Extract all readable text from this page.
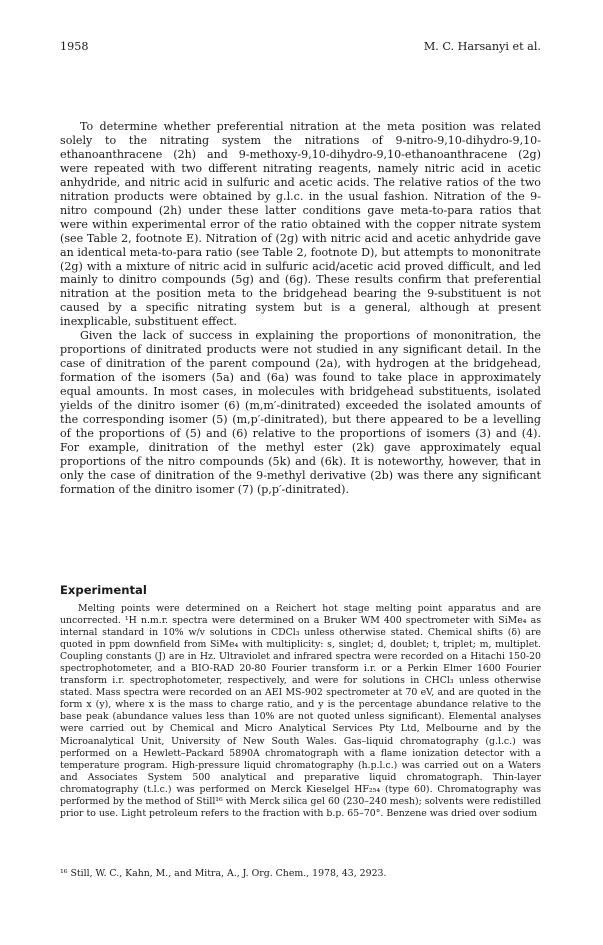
1958	M. C. Harsanyi et al.

To determine whether preferential nitration at the meta position was related solely to the nitrating system the nitrations of 9-nitro-9,10-dihydro-9,10-ethanoanthracene (2h) and 9-methoxy-9,10-dihydro-9,10-ethanoanthracene (2g) were repeated with two different nitrating reagents, namely nitric acid in acetic anhydride, and nitric acid in sulfuric and acetic acids. The relative ratios of the two nitration products were obtained by g.l.c. in the usual fashion. Nitration of the 9-nitro compound (2h) under these latter conditions gave meta-to-para ratios that were within experimental error of the ratio obtained with the copper nitrate system (see Table 2, footnote E). Nitration of (2g) with nitric acid and acetic anhydride gave an identical meta-to-para ratio (see Table 2, footnote D), but attempts to mononitrate (2g) with a mixture of nitric acid in sulfuric acid/acetic acid proved difficult, and led mainly to dinitro compounds (5g) and (6g). These results confirm that preferential nitration at the position meta to the bridgehead bearing the 9-substituent is not caused by a specific nitrating system but is a general, although at present inexplicable, substituent effect.

Given the lack of success in explaining the proportions of mononitration, the proportions of dinitrated products were not studied in any significant detail. In the case of dinitration of the parent compound (2a), with hydrogen at the bridgehead, formation of the isomers (5a) and (6a) was found to take place in approximately equal amounts. In most cases, in molecules with bridgehead substituents, isolated yields of the dinitro isomer (6) (m,m′-dinitrated) exceeded the isolated amounts of the corresponding isomer (5) (m,p′-dinitrated), but there appeared to be a levelling of the proportions of (5) and (6) relative to the proportions of isomers (3) and (4). For example, dinitration of the methyl ester (2k) gave approximately equal proportions of the nitro compounds (5k) and (6k). It is noteworthy, however, that in only the case of dinitration of the 9-methyl derivative (2b) was there any significant formation of the dinitro isomer (7) (p,p′-dinitrated).

Experimental

Melting points were determined on a Reichert hot stage melting point apparatus and are uncorrected. ¹H n.m.r. spectra were determined on a Bruker WM 400 spectrometer with SiMe₄ as internal standard in 10% w/v solutions in CDCl₃ unless otherwise stated. Chemical shifts (δ) are quoted in ppm downfield from SiMe₄ with multiplicity: s, singlet; d, doublet; t, triplet; m, multiplet. Coupling constants (J) are in Hz. Ultraviolet and infrared spectra were recorded on a Hitachi 150-20 spectrophotometer, and a BIO-RAD 20-80 Fourier transform i.r. or a Perkin Elmer 1600 Fourier transform i.r. spectrophotometer, respectively, and were for solutions in CHCl₃ unless otherwise stated. Mass spectra were recorded on an AEI MS-902 spectrometer at 70 eV, and are quoted in the form x (y), where x is the mass to charge ratio, and y is the percentage abundance relative to the base peak (abundance values less than 10% are not quoted unless significant). Elemental analyses were carried out by Chemical and Micro Analytical Services Pty Ltd, Melbourne and by the Microanalytical Unit, University of New South Wales. Gas–liquid chromatography (g.l.c.) was performed on a Hewlett–Packard 5890A chromatograph with a flame ionization detector with a temperature program. High-pressure liquid chromatography (h.p.l.c.) was carried out on a Waters and Associates System 500 analytical and preparative liquid chromatograph. Thin-layer chromatography (t.l.c.) was performed on Merck Kieselgel HF₂₅₄ (type 60). Chromatography was performed by the method of Still¹⁶ with Merck silica gel 60 (230–240 mesh); solvents were redistilled prior to use. Light petroleum refers to the fraction with b.p. 65–70°. Benzene was dried over sodium

¹⁶ Still, W. C., Kahn, M., and Mitra, A., J. Org. Chem., 1978, 43, 2923.
